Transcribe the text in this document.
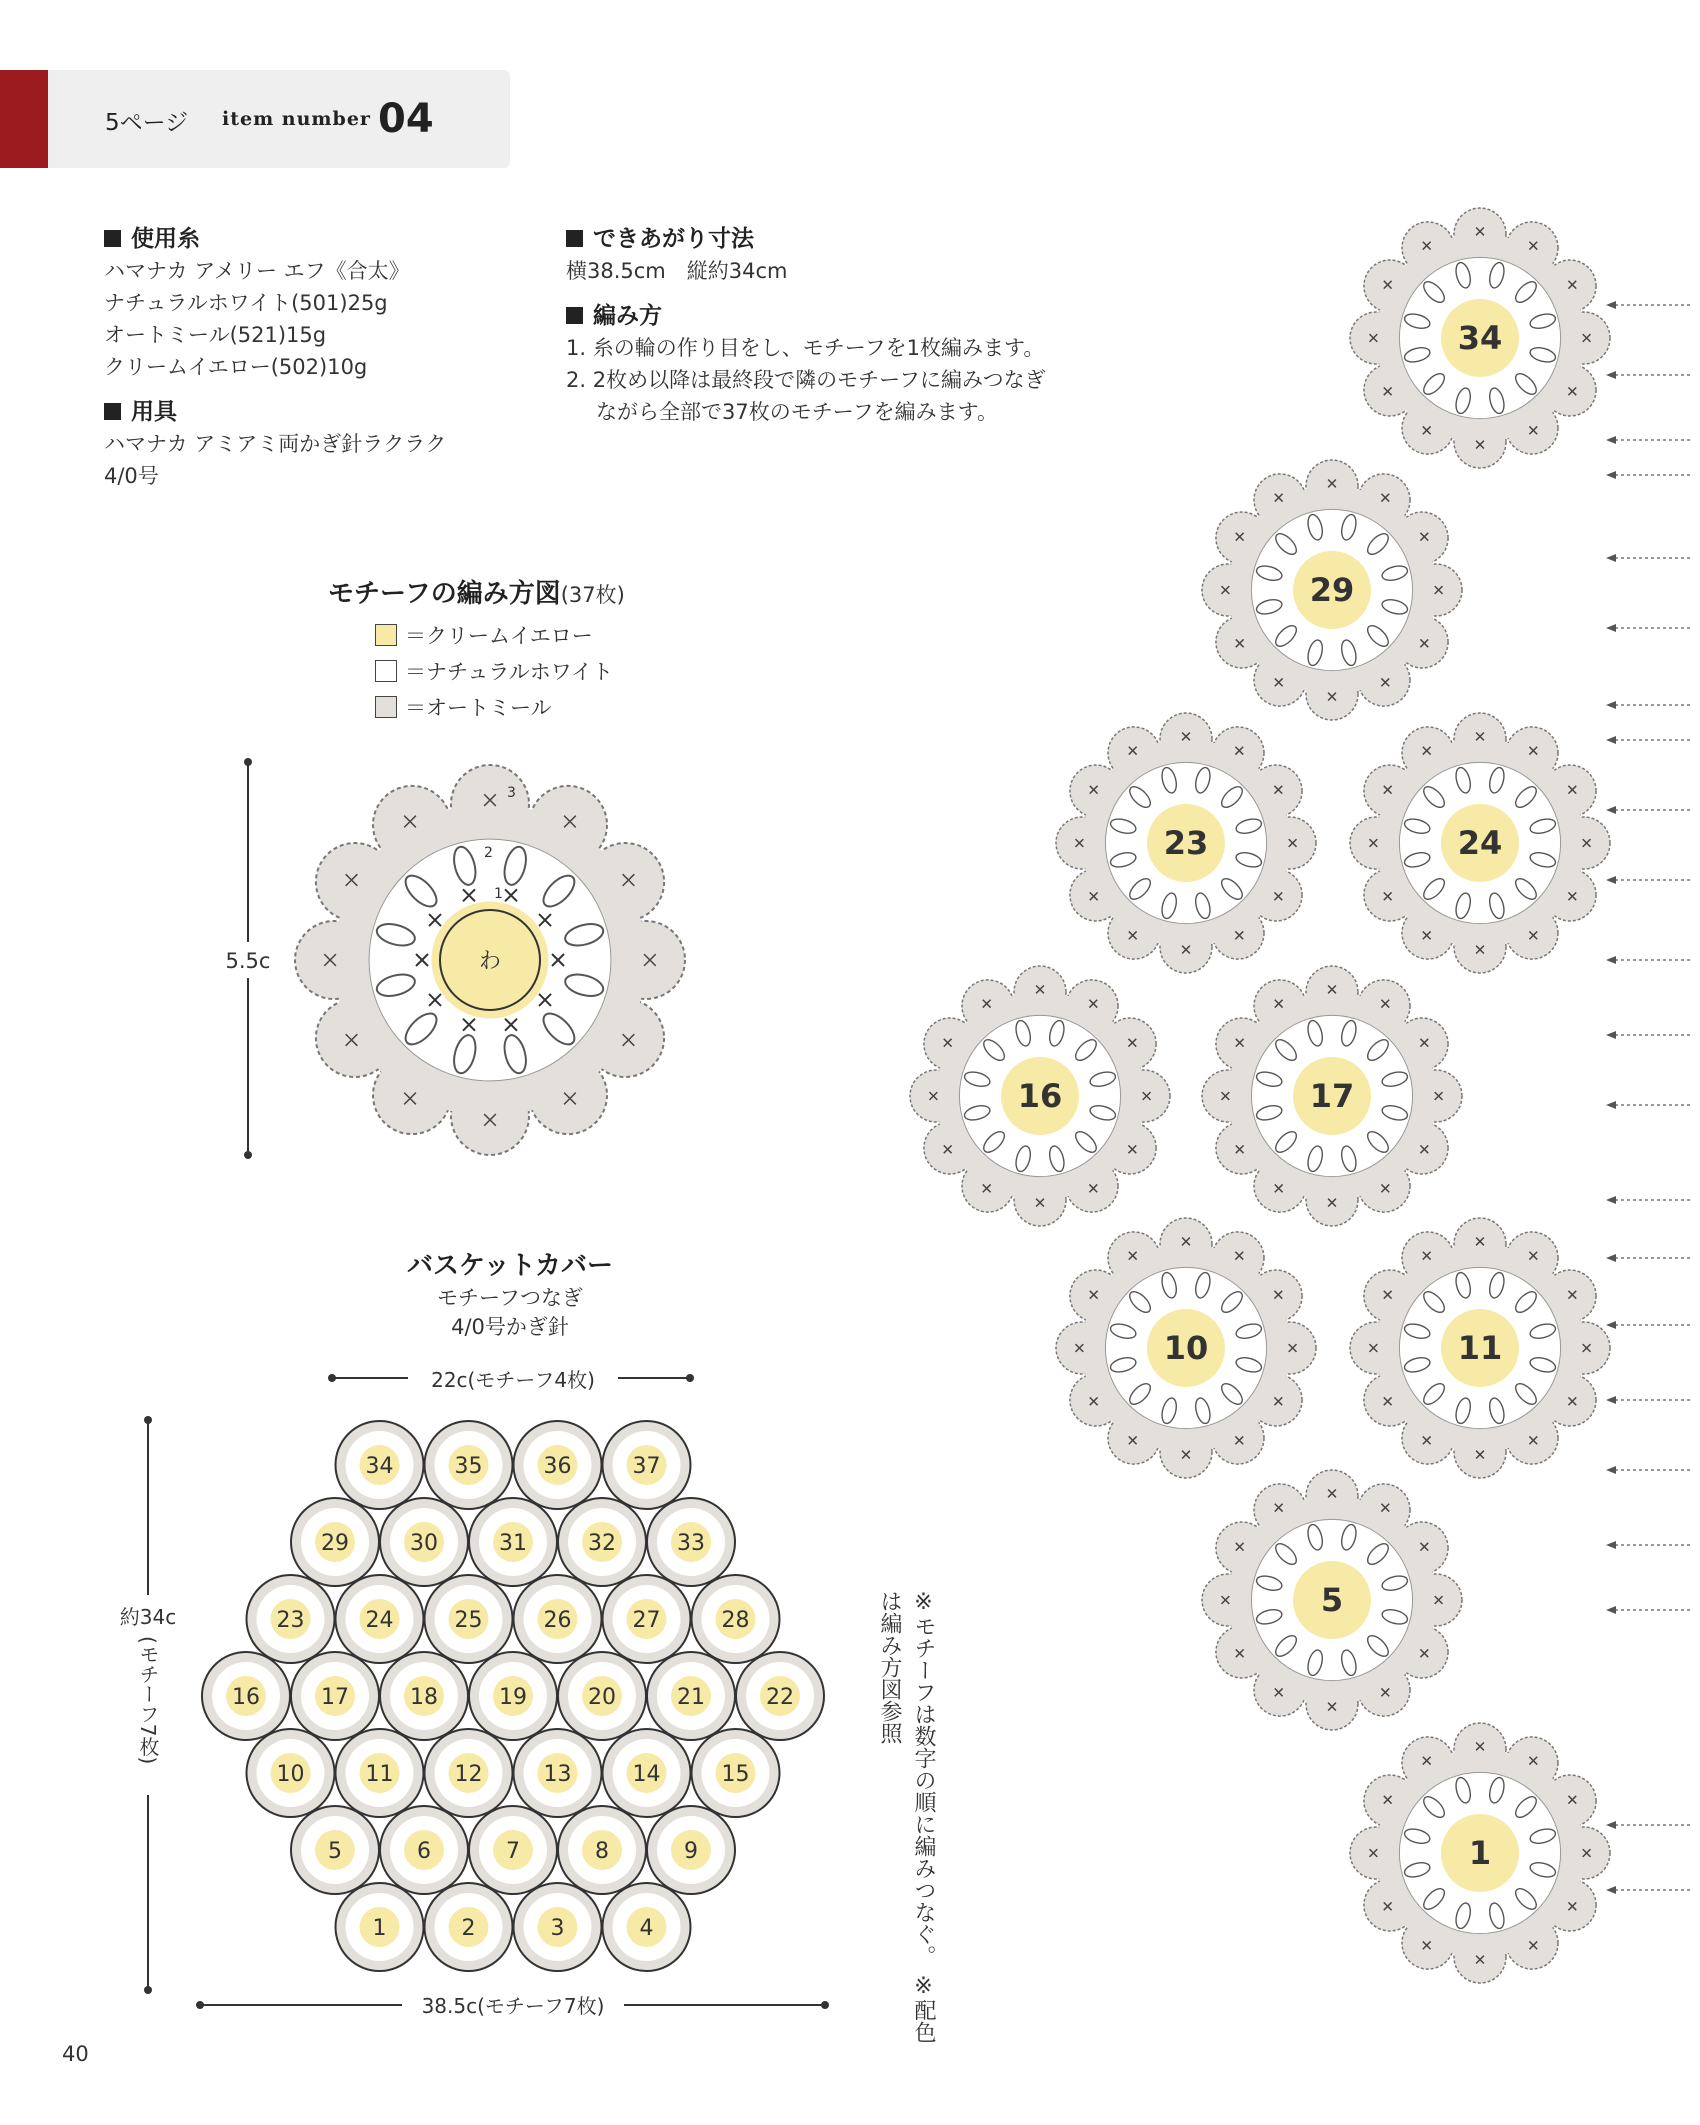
5ページ item number 04
使用糸
ハマナカ アメリー エフ《合太》
ナチュラルホワイト(501)25g
オートミール(521)15g
クリームイエロー(502)10g
用具
ハマナカ アミアミ両かぎ針ラクラク
4/0号
できあがり寸法
横38.5cm　縦約34cm
編み方
1. 糸の輪の作り目をし、モチーフを1枚編みます。
2. 2枚め以降は最終段で隣のモチーフに編みつなぎ
ながら全部で37枚のモチーフを編みます。
モチーフの編み方図(37枚)
＝クリームイエロー
＝ナチュラルホワイト
＝オートミール
5.5c	わ
1
2
3
バスケットカバー
モチーフつなぎ
4/0号かぎ針
22c(モチーフ4枚)
約34c
(モチーフ7枚)
38.5c(モチーフ7枚)
34	35	36	37
29	30	31	32	33
23	24	25	26	27	28
16	17	18	19	20	21	22
10	11	12	13	14	15
5	6	7	8	9
1	2	3	4	※モチーフは数字の順に編みつなぐ。 ※配色は編み方図参照
34
29
23	24
16	17
10	11
5
1
40
